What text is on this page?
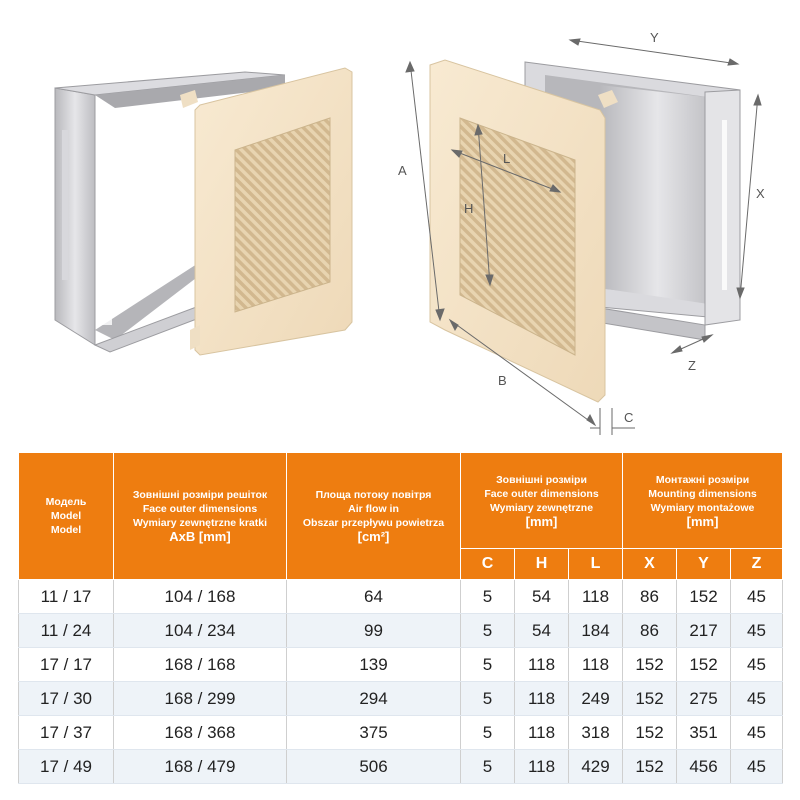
A
B
C
L
H
Y
X
Z
Модель
Model
Model	Зовнішні розміри решіток
Face outer dimensions
Wymiary zewnętrzne kratki
AxB [mm]	Площа потоку повітря
Air flow in
Obszar przepływu powietrza
[cm²]	Зовнішні розміри
Face outer dimensions
Wymiary zewnętrzne
[mm]			Монтажні розміри
Mounting dimensions
Wymiary montażowe
[mm]		

			C	H	L	X	Y	Z
11 / 17	104 / 168	64	5	54	118	86	152	45
11 / 24	104 / 234	99	5	54	184	86	217	45
17 / 17	168 / 168	139	5	118	118	152	152	45
17 / 30	168 / 299	294	5	118	249	152	275	45
17 / 37	168 / 368	375	5	118	318	152	351	45
17 / 49	168 / 479	506	5	118	429	152	456	45
